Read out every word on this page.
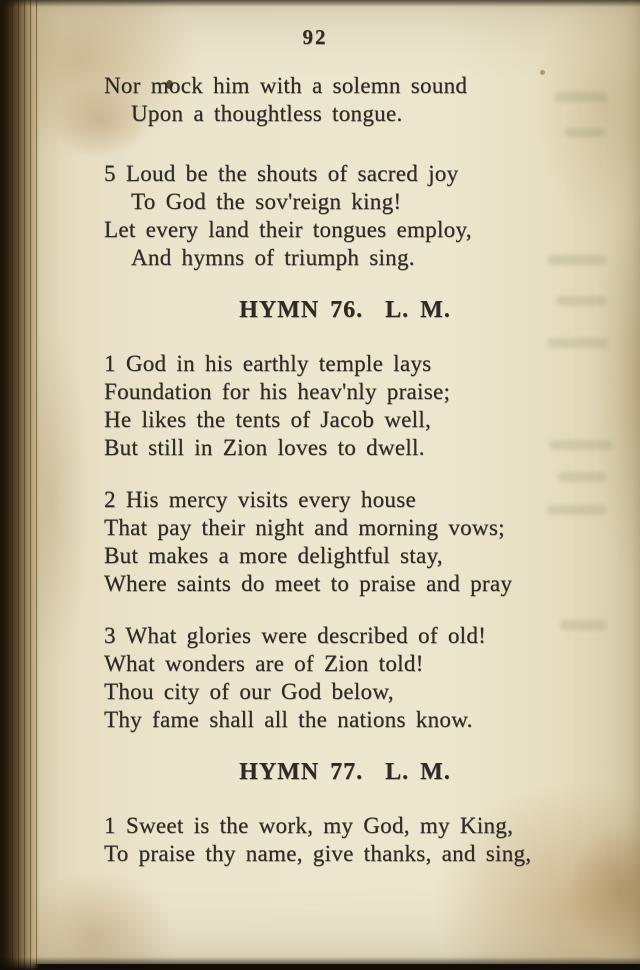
92
Nor mock him with a solemn sound
Upon a thoughtless tongue.
5 Loud be the shouts of sacred joy
To God the sov'reign king!
Let every land their tongues employ,
And hymns of triumph sing.
HYMN 76.  L. M.
1 God in his earthly temple lays
Foundation for his heav'nly praise;
He likes the tents of Jacob well,
But still in Zion loves to dwell.
2 His mercy visits every house
That pay their night and morning vows;
But makes a more delightful stay,
Where saints do meet to praise and pray
3 What glories were described of old!
What wonders are of Zion told!
Thou city of our God below,
Thy fame shall all the nations know.
HYMN 77.  L. M.
1 Sweet is the work, my God, my King,
To praise thy name, give thanks, and sing,
